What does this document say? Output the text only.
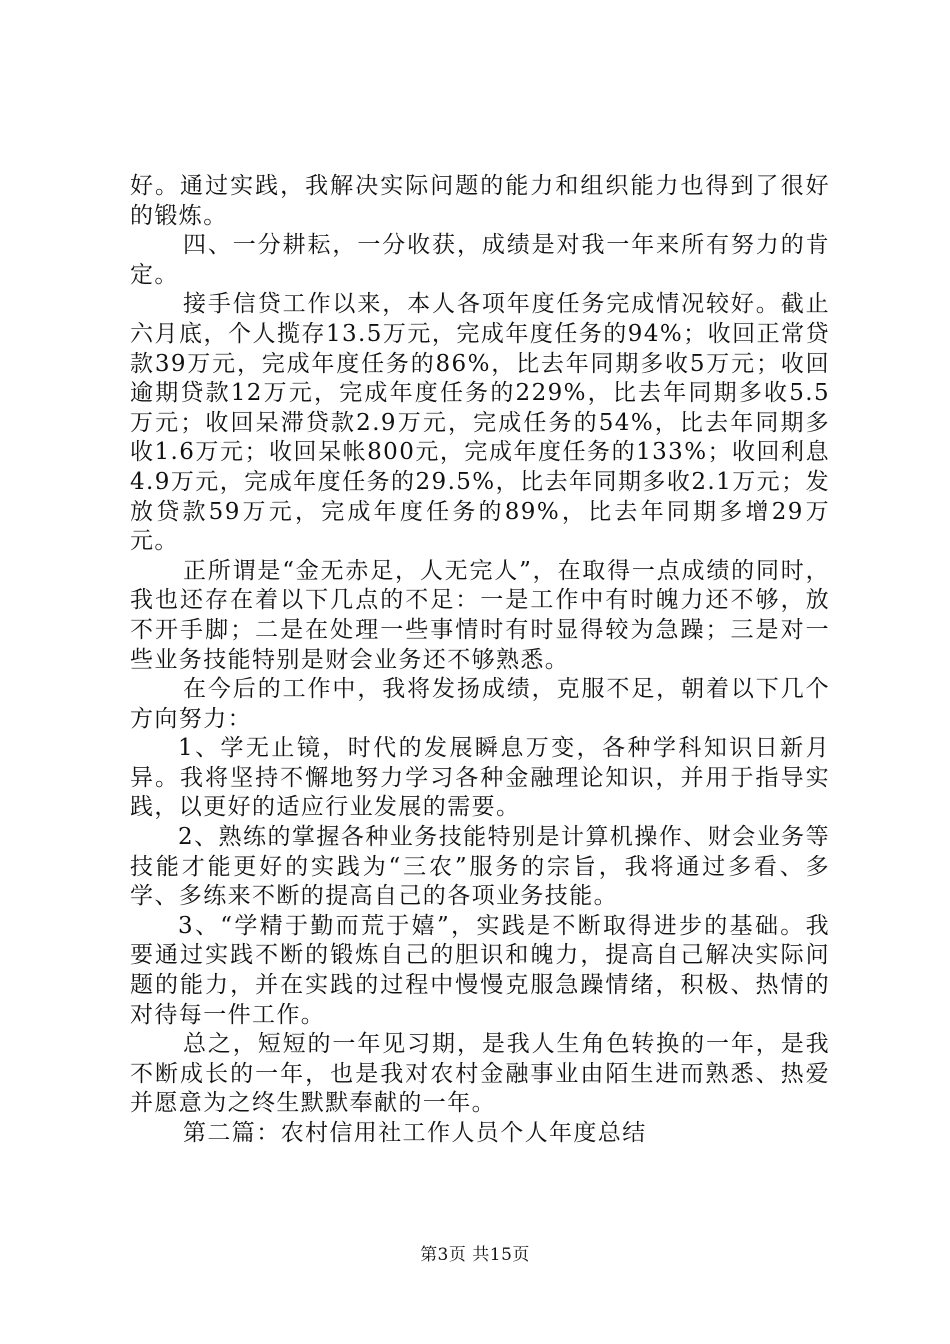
好。通过实践，我解决实际问题的能力和组织能力也得到了很好的锻炼。

四、一分耕耘，一分收获，成绩是对我一年来所有努力的肯定。

接手信贷工作以来，本人各项年度任务完成情况较好。截止六月底，个人揽存13.5万元，完成年度任务的94%；收回正常贷款39万元，完成年度任务的86%，比去年同期多收5万元；收回逾期贷款12万元，完成年度任务的229%，比去年同期多收5.5万元；收回呆滞贷款2.9万元，完成任务的54%，比去年同期多收1.6万元；收回呆帐800元，完成年度任务的133%；收回利息4.9万元，完成年度任务的29.5%，比去年同期多收2.1万元；发放贷款59万元，完成年度任务的89%，比去年同期多增29万元。

正所谓是“金无赤足，人无完人”，在取得一点成绩的同时，我也还存在着以下几点的不足：一是工作中有时魄力还不够，放不开手脚；二是在处理一些事情时有时显得较为急躁；三是对一些业务技能特别是财会业务还不够熟悉。

在今后的工作中，我将发扬成绩，克服不足，朝着以下几个方向努力：

1、学无止镜，时代的发展瞬息万变，各种学科知识日新月异。我将坚持不懈地努力学习各种金融理论知识，并用于指导实践，以更好的适应行业发展的需要。

2、熟练的掌握各种业务技能特别是计算机操作、财会业务等技能才能更好的实践为“三农”服务的宗旨，我将通过多看、多学、多练来不断的提高自己的各项业务技能。

3、“学精于勤而荒于嬉”，实践是不断取得进步的基础。我要通过实践不断的锻炼自己的胆识和魄力，提高自己解决实际问题的能力，并在实践的过程中慢慢克服急躁情绪，积极、热情的对待每一件工作。

总之，短短的一年见习期，是我人生角色转换的一年，是我不断成长的一年，也是我对农村金融事业由陌生进而熟悉、热爱并愿意为之终生默默奉献的一年。

第二篇：农村信用社工作人员个人年度总结

第3页 共15页
